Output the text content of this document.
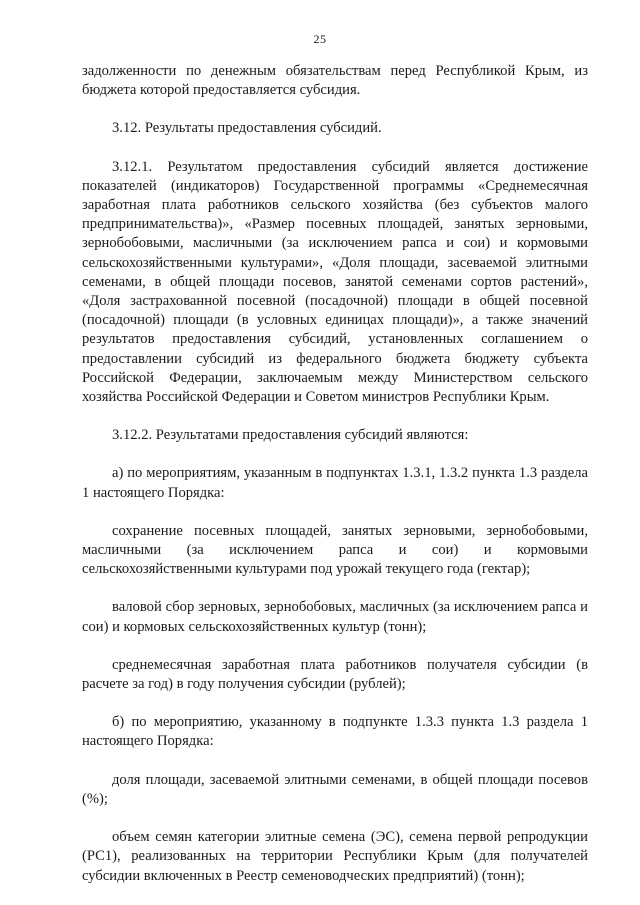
25

задолженности по денежным обязательствам перед Республикой Крым, из бюджета которой предоставляется субсидия.

3.12. Результаты предоставления субсидий.

3.12.1. Результатом предоставления субсидий является достижение показателей (индикаторов) Государственной программы «Среднемесячная заработная плата работников сельского хозяйства (без субъектов малого предпринимательства)», «Размер посевных площадей, занятых зерновыми, зернобобовыми, масличными (за исключением рапса и сои) и кормовыми сельскохозяйственными культурами», «Доля площади, засеваемой элитными семенами, в общей площади посевов, занятой семенами сортов растений», «Доля застрахованной посевной (посадочной) площади в общей посевной (посадочной) площади (в условных единицах площади)», а также значений результатов предоставления субсидий, установленных соглашением о предоставлении субсидий из федерального бюджета бюджету субъекта Российской Федерации, заключаемым между Министерством сельского хозяйства Российской Федерации и Советом министров Республики Крым.

3.12.2. Результатами предоставления субсидий являются:

а) по мероприятиям, указанным в подпунктах 1.3.1, 1.3.2 пункта 1.3 раздела 1 настоящего Порядка:

сохранение посевных площадей, занятых зерновыми, зернобобовыми, масличными (за исключением рапса и сои) и кормовыми сельскохозяйственными культурами под урожай текущего года (гектар);

валовой сбор зерновых, зернобобовых, масличных (за исключением рапса и сои) и кормовых сельскохозяйственных культур (тонн);

среднемесячная заработная плата работников получателя субсидии (в расчете за год) в году получения субсидии (рублей);

б) по мероприятию, указанному в подпункте 1.3.3 пункта 1.3 раздела 1 настоящего Порядка:

доля площади, засеваемой элитными семенами, в общей площади посевов (%);

объем семян категории элитные семена (ЭС), семена первой репродукции (РС1), реализованных на территории Республики Крым (для получателей субсидии включенных в Реестр семеноводческих предприятий) (тонн);
